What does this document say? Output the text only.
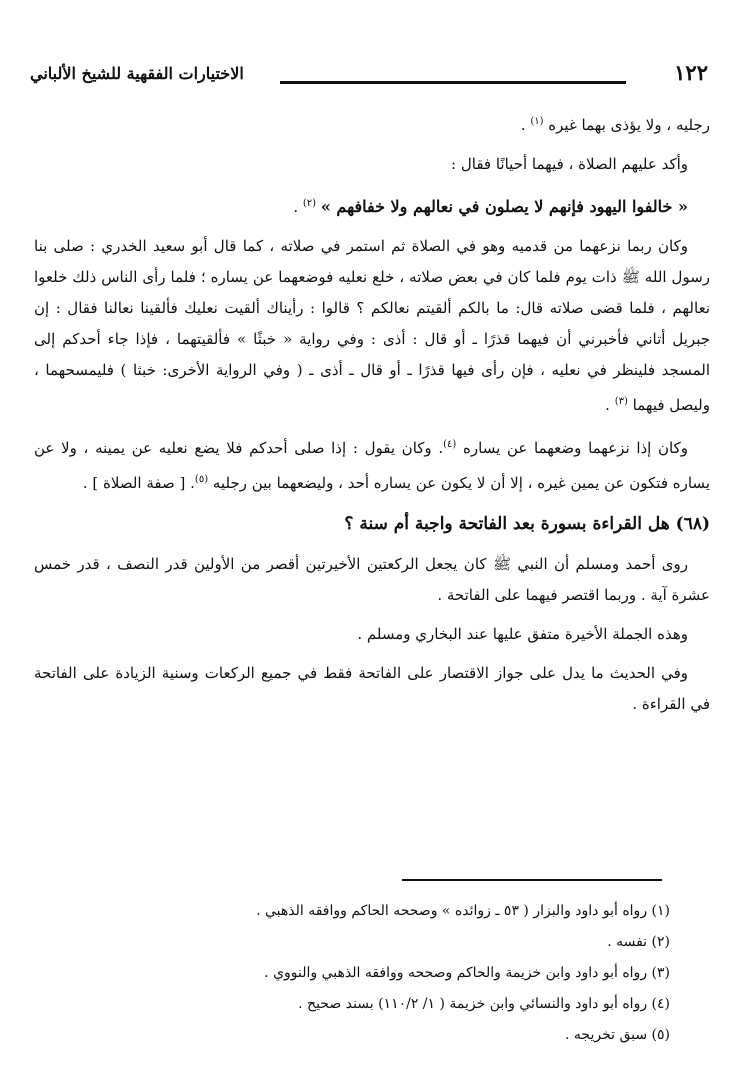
١٢٢
الاختيارات الفقهية للشيخ الألباني

رجليه ، ولا يؤذى بهما غيره $^{(١)}$ .

وأكد عليهم الصلاة ، فيهما أحيانًا فقال :

« خالفوا اليهود فإنهم لا يصلون في نعالهم ولا خفافهم » $^{(٢)}$ .

وكان ربما نزعهما من قدميه وهو في الصلاة ثم استمر في صلاته ، كما قال أبو سعيد الخدري : صلى بنا رسول الله ﷺ ذات يوم فلما كان في بعض صلاته ، خلع نعليه فوضعهما عن يساره ؛ فلما رأى الناس ذلك خلعوا نعالهم ، فلما قضى صلاته قال: ما بالكم ألقيتم نعالكم ؟ قالوا : رأيناك ألقيت نعليك فألقينا نعالنا فقال : إن جبريل أتاني فأخبرني أن فيهما قذرًا ـ أو قال : أذى : وفي رواية « خبثًا » فألقيتهما ، فإذا جاء أحدكم إلى المسجد فلينظر في نعليه ، فإن رأى فيها قذرًا ـ أو قال ـ أذى ـ ( وفي الرواية الأخرى: خبثا ) فليمسحهما ، وليصل فيهما $^{(٣)}$ .

وكان إذا نزعهما وضعهما عن يساره $^{(٤)}$. وكان يقول : إذا صلى أحدكم فلا يضع نعليه عن يمينه ، ولا عن يساره فتكون عن يمين غيره ، إلا أن لا يكون عن يساره أحد ، وليضعهما بين رجليه $^{(٥)}$. [ صفة الصلاة ] .

(٦٨) هل القراءة بسورة بعد الفاتحة واجبة أم سنة ؟

روى أحمد ومسلم أن النبي ﷺ كان يجعل الركعتين الأخيرتين أقصر من الأولين قدر النصف ، قدر خمس عشرة آية . وربما اقتصر فيهما على الفاتحة .

وهذه الجملة الأخيرة متفق عليها عند البخاري ومسلم .

وفي الحديث ما يدل على جواز الاقتصار على الفاتحة فقط في جميع الركعات وسنية الزيادة على الفاتحة في القراءة .

(١) رواه أبو داود والبزار ( ٥٣ ـ زوائده » وصححه الحاكم ووافقه الذهبي .
(٢) نفسه .
(٣) رواه أبو داود وابن خزيمة والحاكم وصححه ووافقه الذهبي والنووي .
(٤) رواه أبو داود والنسائي وابن خزيمة ( ١/ ١١٠/٢) بسند صحيح .
(٥) سبق تخريجه .
